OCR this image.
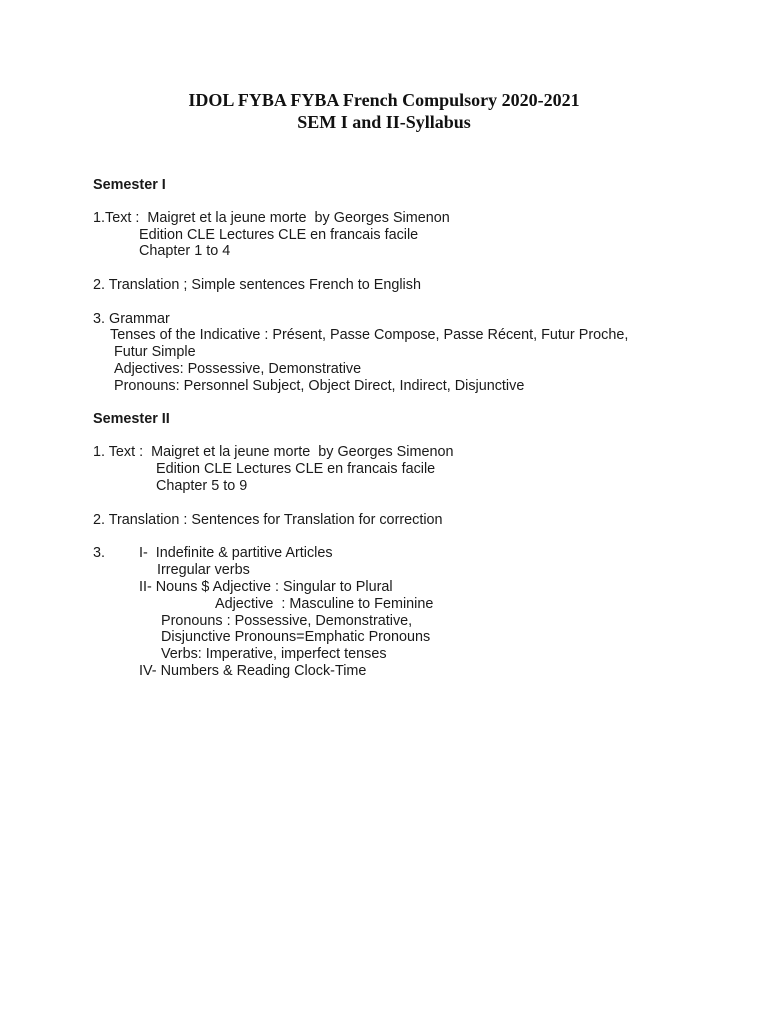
IDOL FYBA FYBA French Compulsory 2020-2021
SEM I and II-Syllabus
Semester I
1.Text :  Maigret et la jeune morte  by Georges Simenon
Edition CLE Lectures CLE en francais facile
Chapter 1 to 4
2. Translation ; Simple sentences French to English
3. Grammar
Tenses of the Indicative : Présent, Passe Compose, Passe Récent, Futur Proche,
Futur Simple
Adjectives: Possessive, Demonstrative
Pronouns: Personnel Subject, Object Direct, Indirect, Disjunctive
Semester II
1. Text :  Maigret et la jeune morte  by Georges Simenon
Edition CLE Lectures CLE en francais facile
Chapter 5 to 9
2. Translation : Sentences for Translation for correction
3. I-  Indefinite & partitive Articles
Irregular verbs
II- Nouns $ Adjective : Singular to Plural
Adjective  : Masculine to Feminine
Pronouns : Possessive, Demonstrative,
Disjunctive Pronouns=Emphatic Pronouns
Verbs: Imperative, imperfect tenses
IV- Numbers & Reading Clock-Time
